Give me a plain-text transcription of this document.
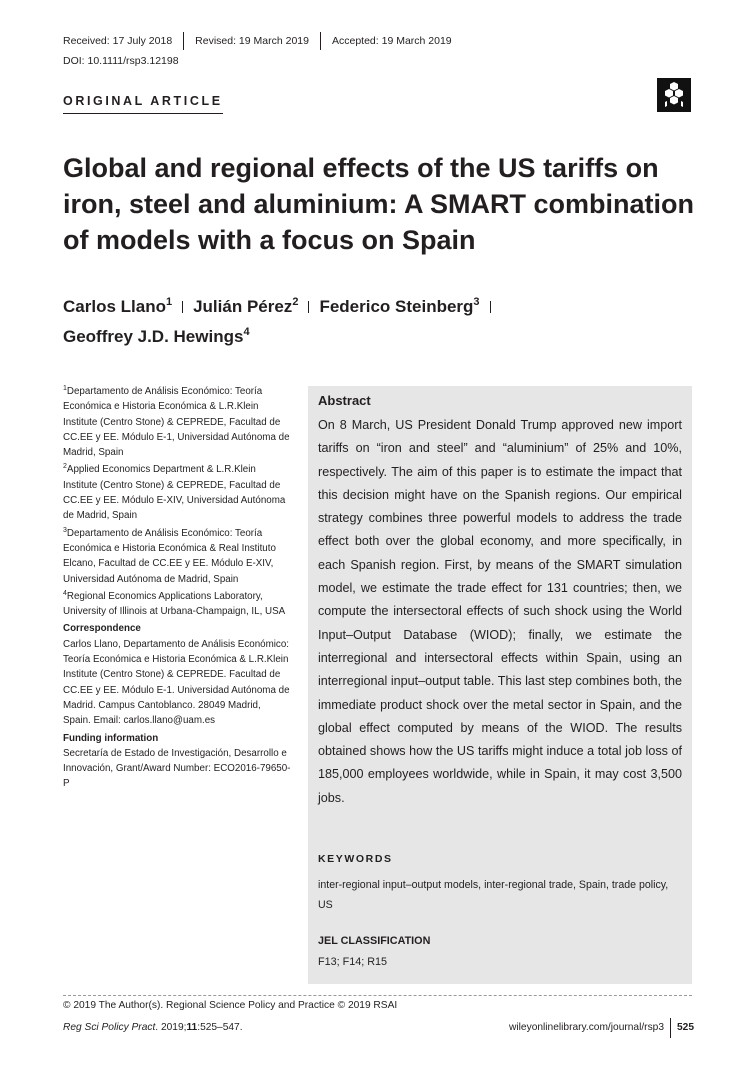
Received: 17 July 2018 Revised: 19 March 2019 Accepted: 19 March 2019
DOI: 10.1111/rsp3.12198
ORIGINAL ARTICLE
Global and regional effects of the US tariffs on iron, steel and aluminium: A SMART combination of models with a focus on Spain
Carlos Llano$^1$ Julián Pérez$^2$ Federico Steinberg$^3$
Geoffrey J.D. Hewings$^4$
$^1$Departamento de Análisis Económico: Teoría Económica e Historia Económica & L.R.Klein Institute (Centro Stone) & CEPREDE, Facultad de CC.EE y EE. Módulo E-1, Universidad Autónoma de Madrid, Spain
$^2$Applied Economics Department & L.R.Klein Institute (Centro Stone) & CEPREDE, Facultad de CC.EE y EE. Módulo E-XIV, Universidad Autónoma de Madrid, Spain
$^3$Departamento de Análisis Económico: Teoría Económica e Historia Económica & Real Instituto Elcano, Facultad de CC.EE y EE. Módulo E-XIV, Universidad Autónoma de Madrid, Spain
$^4$Regional Economics Applications Laboratory, University of Illinois at Urbana-Champaign, IL, USA
Correspondence
Carlos Llano, Departamento de Análisis Económico: Teoría Económica e Historia Económica & L.R.Klein Institute (Centro Stone) & CEPREDE. Facultad de CC.EE y EE. Módulo E-1. Universidad Autónoma de Madrid. Campus Cantoblanco. 28049 Madrid, Spain. Email: carlos.llano@uam.es
Funding information
Secretaría de Estado de Investigación, Desarrollo e Innovación, Grant/Award Number: ECO2016-79650-P
Abstract
On 8 March, US President Donald Trump approved new import tariffs on “iron and steel” and “aluminium” of 25% and 10%, respectively. The aim of this paper is to estimate the impact that this decision might have on the Spanish regions. Our empirical strategy combines three powerful models to address the trade effect both over the global economy, and more specifically, in each Spanish region. First, by means of the SMART simulation model, we estimate the trade effect for 131 countries; then, we compute the intersectoral effects of such shock using the World Input–Output Database (WIOD); finally, we estimate the interregional and intersectoral effects within Spain, using an interregional input–output table. This last step combines both, the immediate product shock over the metal sector in Spain, and the global effect computed by means of the WIOD. The results obtained shows how the US tariffs might induce a total job loss of 185,000 employees worldwide, while in Spain, it may cost 3,500 jobs.
KEYWORDS
inter-regional input–output models, inter-regional trade, Spain, trade policy, US
JEL CLASSIFICATION
F13; F14; R15
© 2019 The Author(s). Regional Science Policy and Practice © 2019 RSAI
Reg Sci Policy Pract. 2019;11:525–547.	wileyonlinelibrary.com/journal/rsp3 525
